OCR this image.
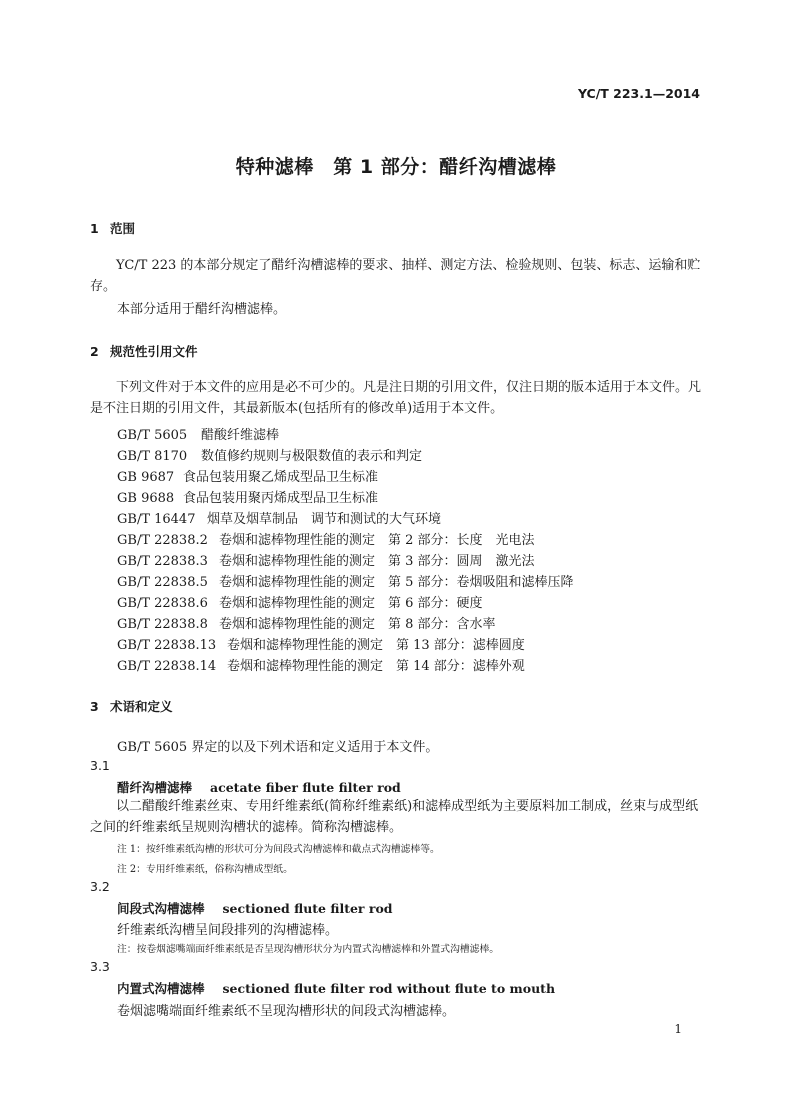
YC/T 223.1—2014
特种滤棒　第 1 部分：醋纤沟槽滤棒
1 范围

YC/T 223 的本部分规定了醋纤沟槽滤棒的要求、抽样、测定方法、检验规则、包装、标志、运输和贮存。

本部分适用于醋纤沟槽滤棒。
2 规范性引用文件

下列文件对于本文件的应用是必不可少的。凡是注日期的引用文件，仅注日期的版本适用于本文件。凡是不注日期的引用文件，其最新版本(包括所有的修改单)适用于本文件。

GB/T 5605 醋酸纤维滤棒
GB/T 8170 数值修约规则与极限数值的表示和判定
GB 9687 食品包装用聚乙烯成型品卫生标准
GB 9688 食品包装用聚丙烯成型品卫生标准
GB/T 16447 烟草及烟草制品　调节和测试的大气环境
GB/T 22838.2 卷烟和滤棒物理性能的测定　第 2 部分：长度　光电法
GB/T 22838.3 卷烟和滤棒物理性能的测定　第 3 部分：圆周　激光法
GB/T 22838.5 卷烟和滤棒物理性能的测定　第 5 部分：卷烟吸阻和滤棒压降
GB/T 22838.6 卷烟和滤棒物理性能的测定　第 6 部分：硬度
GB/T 22838.8 卷烟和滤棒物理性能的测定　第 8 部分：含水率
GB/T 22838.13 卷烟和滤棒物理性能的测定　第 13 部分：滤棒圆度
GB/T 22838.14 卷烟和滤棒物理性能的测定　第 14 部分：滤棒外观
3 术语和定义
GB/T 5605 界定的以及下列术语和定义适用于本文件。
3.1
醋纤沟槽滤棒 acetate fiber flute filter rod

以二醋酸纤维素丝束、专用纤维素纸(简称纤维素纸)和滤棒成型纸为主要原料加工制成，丝束与成型纸之间的纤维素纸呈规则沟槽状的滤棒。简称沟槽滤棒。

注 1：按纤维素纸沟槽的形状可分为间段式沟槽滤棒和截点式沟槽滤棒等。
注 2：专用纤维素纸，俗称沟槽成型纸。
3.2
间段式沟槽滤棒 sectioned flute filter rod
纤维素纸沟槽呈间段排列的沟槽滤棒。
注：按卷烟滤嘴端面纤维素纸是否呈现沟槽形状分为内置式沟槽滤棒和外置式沟槽滤棒。
3.3
内置式沟槽滤棒 sectioned flute filter rod without flute to mouth
卷烟滤嘴端面纤维素纸不呈现沟槽形状的间段式沟槽滤棒。
1
